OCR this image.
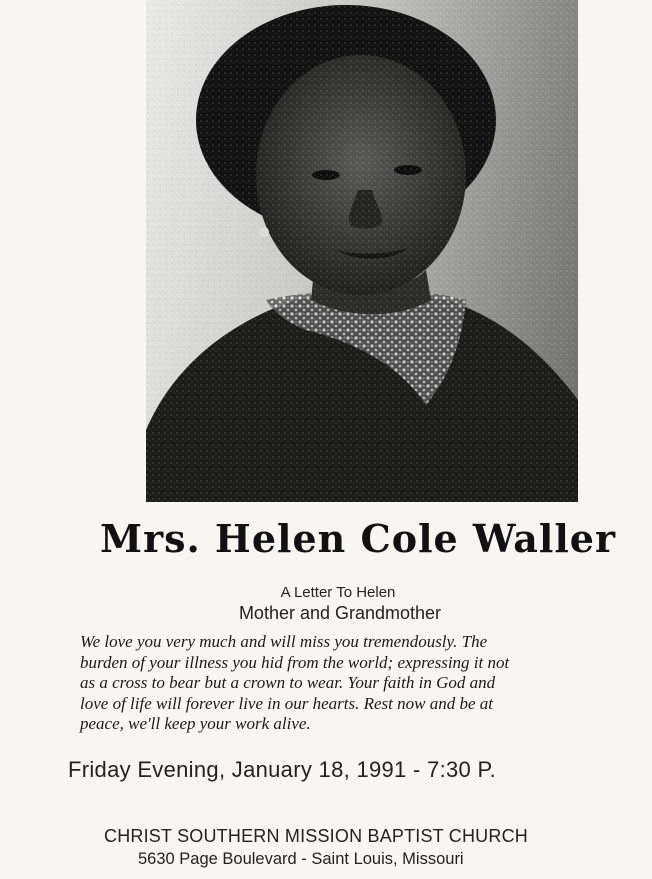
Mrs. Helen Cole Waller
A Letter To Helen
Mother and Grandmother
We love you very much and will miss you tremendously. The
burden of your illness you hid from the world; expressing it not
as a cross to bear but a crown to wear. Your faith in God and
love of life will forever live in our hearts. Rest now and be at
peace, we'll keep your work alive.
Friday Evening, January 18, 1991 - 7:30 P.
CHRIST SOUTHERN MISSION BAPTIST CHURCH
5630 Page Boulevard - Saint Louis, Missouri
